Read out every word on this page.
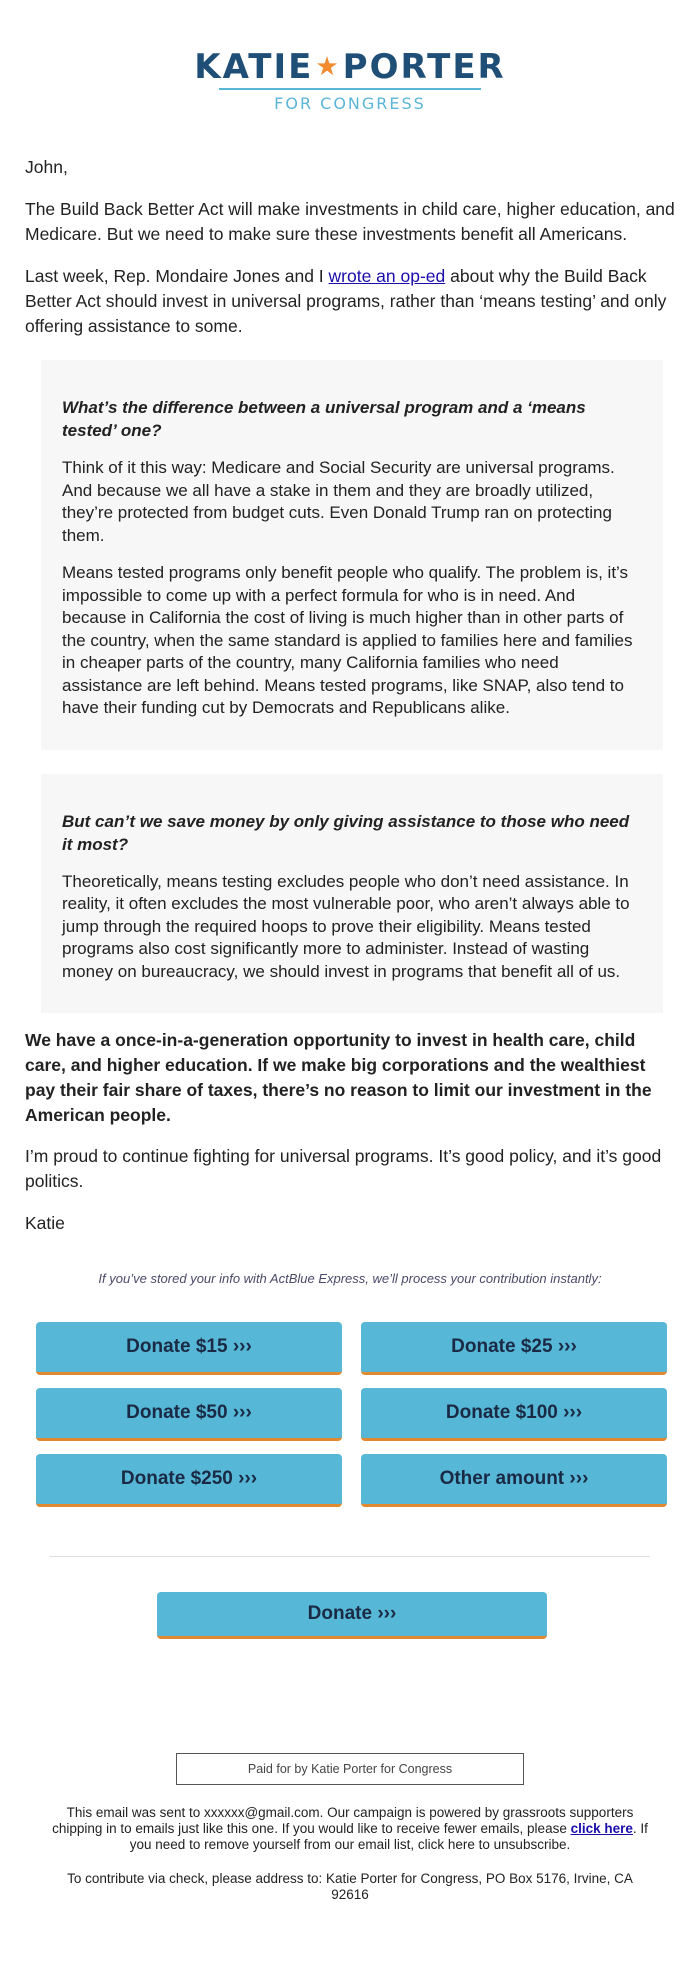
KATIE★PORTER
FOR CONGRESS

John,

The Build Back Better Act will make investments in child care, higher education, and Medicare. But we need to make sure these investments benefit all Americans.

Last week, Rep. Mondaire Jones and I wrote an op-ed about why the Build Back Better Act should invest in universal programs, rather than ‘means testing’ and only offering assistance to some.

What’s the difference between a universal program and a ‘means tested’ one?

Think of it this way: Medicare and Social Security are universal programs. And because we all have a stake in them and they are broadly utilized, they’re protected from budget cuts. Even Donald Trump ran on protecting them.

Means tested programs only benefit people who qualify. The problem is, it’s impossible to come up with a perfect formula for who is in need. And because in California the cost of living is much higher than in other parts of the country, when the same standard is applied to families here and families in cheaper parts of the country, many California families who need assistance are left behind. Means tested programs, like SNAP, also tend to have their funding cut by Democrats and Republicans alike.

But can’t we save money by only giving assistance to those who need it most?

Theoretically, means testing excludes people who don’t need assistance. In reality, it often excludes the most vulnerable poor, who aren’t always able to jump through the required hoops to prove their eligibility. Means tested programs also cost significantly more to administer. Instead of wasting money on bureaucracy, we should invest in programs that benefit all of us.

We have a once-in-a-generation opportunity to invest in health care, child care, and higher education. If we make big corporations and the wealthiest pay their fair share of taxes, there’s no reason to limit our investment in the American people.

I’m proud to continue fighting for universal programs. It’s good policy, and it’s good politics.

Katie

If you’ve stored your info with ActBlue Express, we’ll process your contribution instantly:
Donate $15 ›››	Donate $25 ›››
Donate $50 ›››	Donate $100 ›››
Donate $250 ›››	Other amount ›››
Donate ›››
Paid for by Katie Porter for Congress
This email was sent to xxxxxx@gmail.com. Our campaign is powered by grassroots supporters chipping in to emails just like this one. If you would like to receive fewer emails, please click here. If you need to remove yourself from our email list, click here to unsubscribe.
To contribute via check, please address to: Katie Porter for Congress, PO Box 5176, Irvine, CA 92616
